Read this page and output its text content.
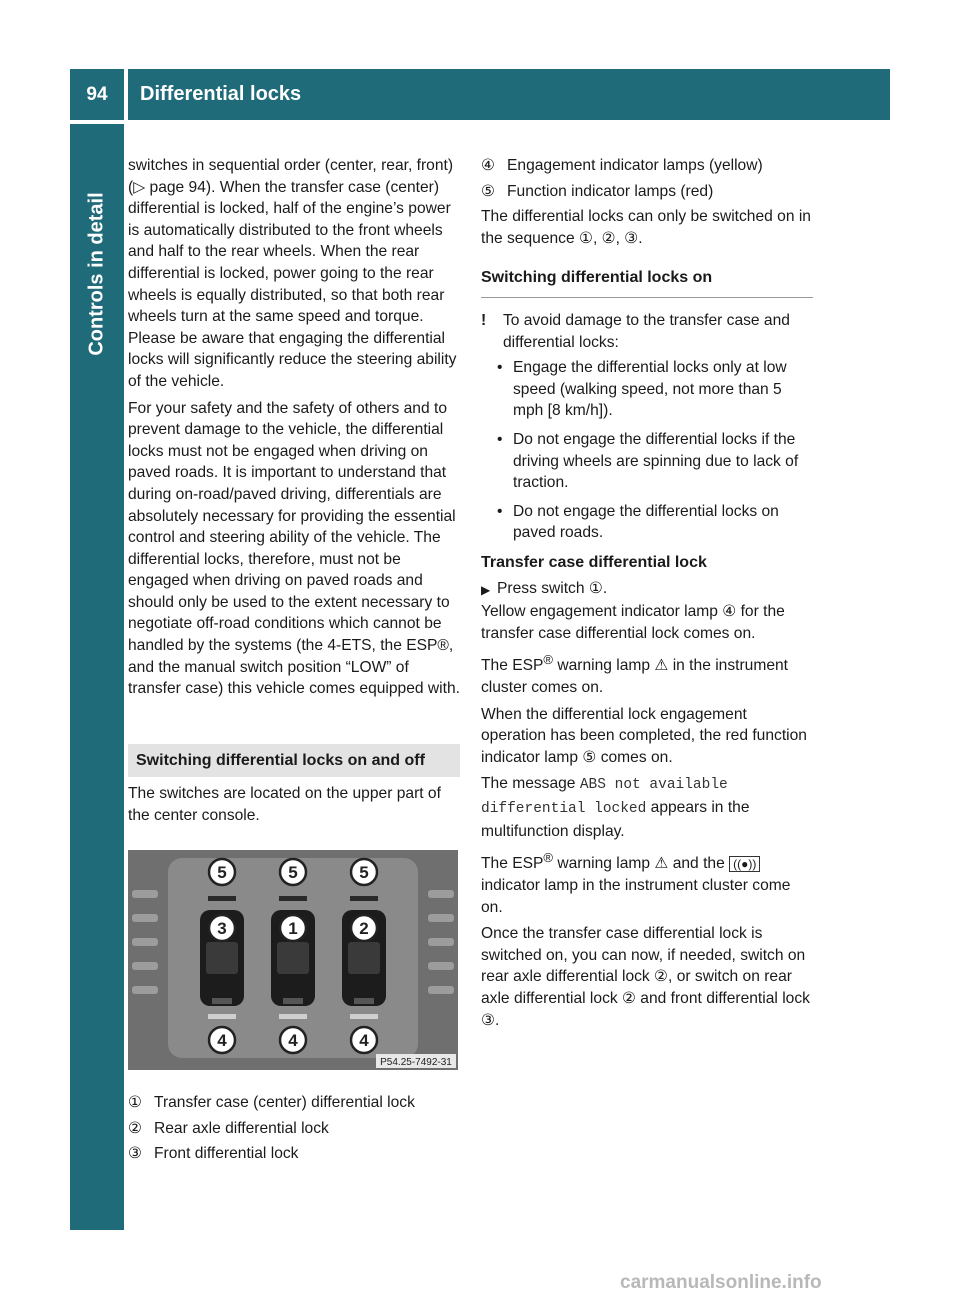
94	Differential locks
Controls in detail

switches in sequential order (center, rear, front) (▷ page 94). When the transfer case (center) differential is locked, half of the engine’s power is automatically distributed to the front wheels and half to the rear wheels. When the rear differential is locked, power going to the rear wheels is equally distributed, so that both rear wheels turn at the same speed and torque. Please be aware that engaging the differential locks will significantly reduce the steering ability of the vehicle.

For your safety and the safety of others and to prevent damage to the vehicle, the differential locks must not be engaged when driving on paved roads. It is important to understand that during on-road/paved driving, differentials are absolutely necessary for providing the essential control and steering ability of the vehicle. The differential locks, therefore, must not be engaged when driving on paved roads and should only be used to the extent necessary to negotiate off-road conditions which cannot be handled by the systems (the 4-ETS, the ESP®, and the manual switch position “LOW” of transfer case) this vehicle comes equipped with.

Switching differential locks on and off

The switches are located on the upper part of the center console.

5	5	5
3	1	2
4	4	4
P54.25-7492-31
① Transfer case (center) differential lock
② Rear axle differential lock
③ Front differential lock
④ Engagement indicator lamps (yellow)
⑤ Function indicator lamps (red)

The differential locks can only be switched on in the sequence ①, ②, ③.

Switching differential locks on
!	To avoid damage to the transfer case and differential locks:
• Engage the differential locks only at low speed (walking speed, not more than 5 mph [8 km/h]).
• Do not engage the differential locks if the driving wheels are spinning due to lack of traction.
• Do not engage the differential locks on paved roads.
Transfer case differential lock
▶ Press switch ①.

Yellow engagement indicator lamp ④ for the transfer case differential lock comes on.

The ESP® warning lamp ⚠ in the instrument cluster comes on.

When the differential lock engagement operation has been completed, the red function indicator lamp ⑤ comes on.

The message ABS not available differential locked appears in the multifunction display.

The ESP® warning lamp ⚠ and the ((●)) indicator lamp in the instrument cluster come on.

Once the transfer case differential lock is switched on, you can now, if needed, switch on rear axle differential lock ②, or switch on rear axle differential lock ② and front differential lock ③.

carmanualsonline.info
